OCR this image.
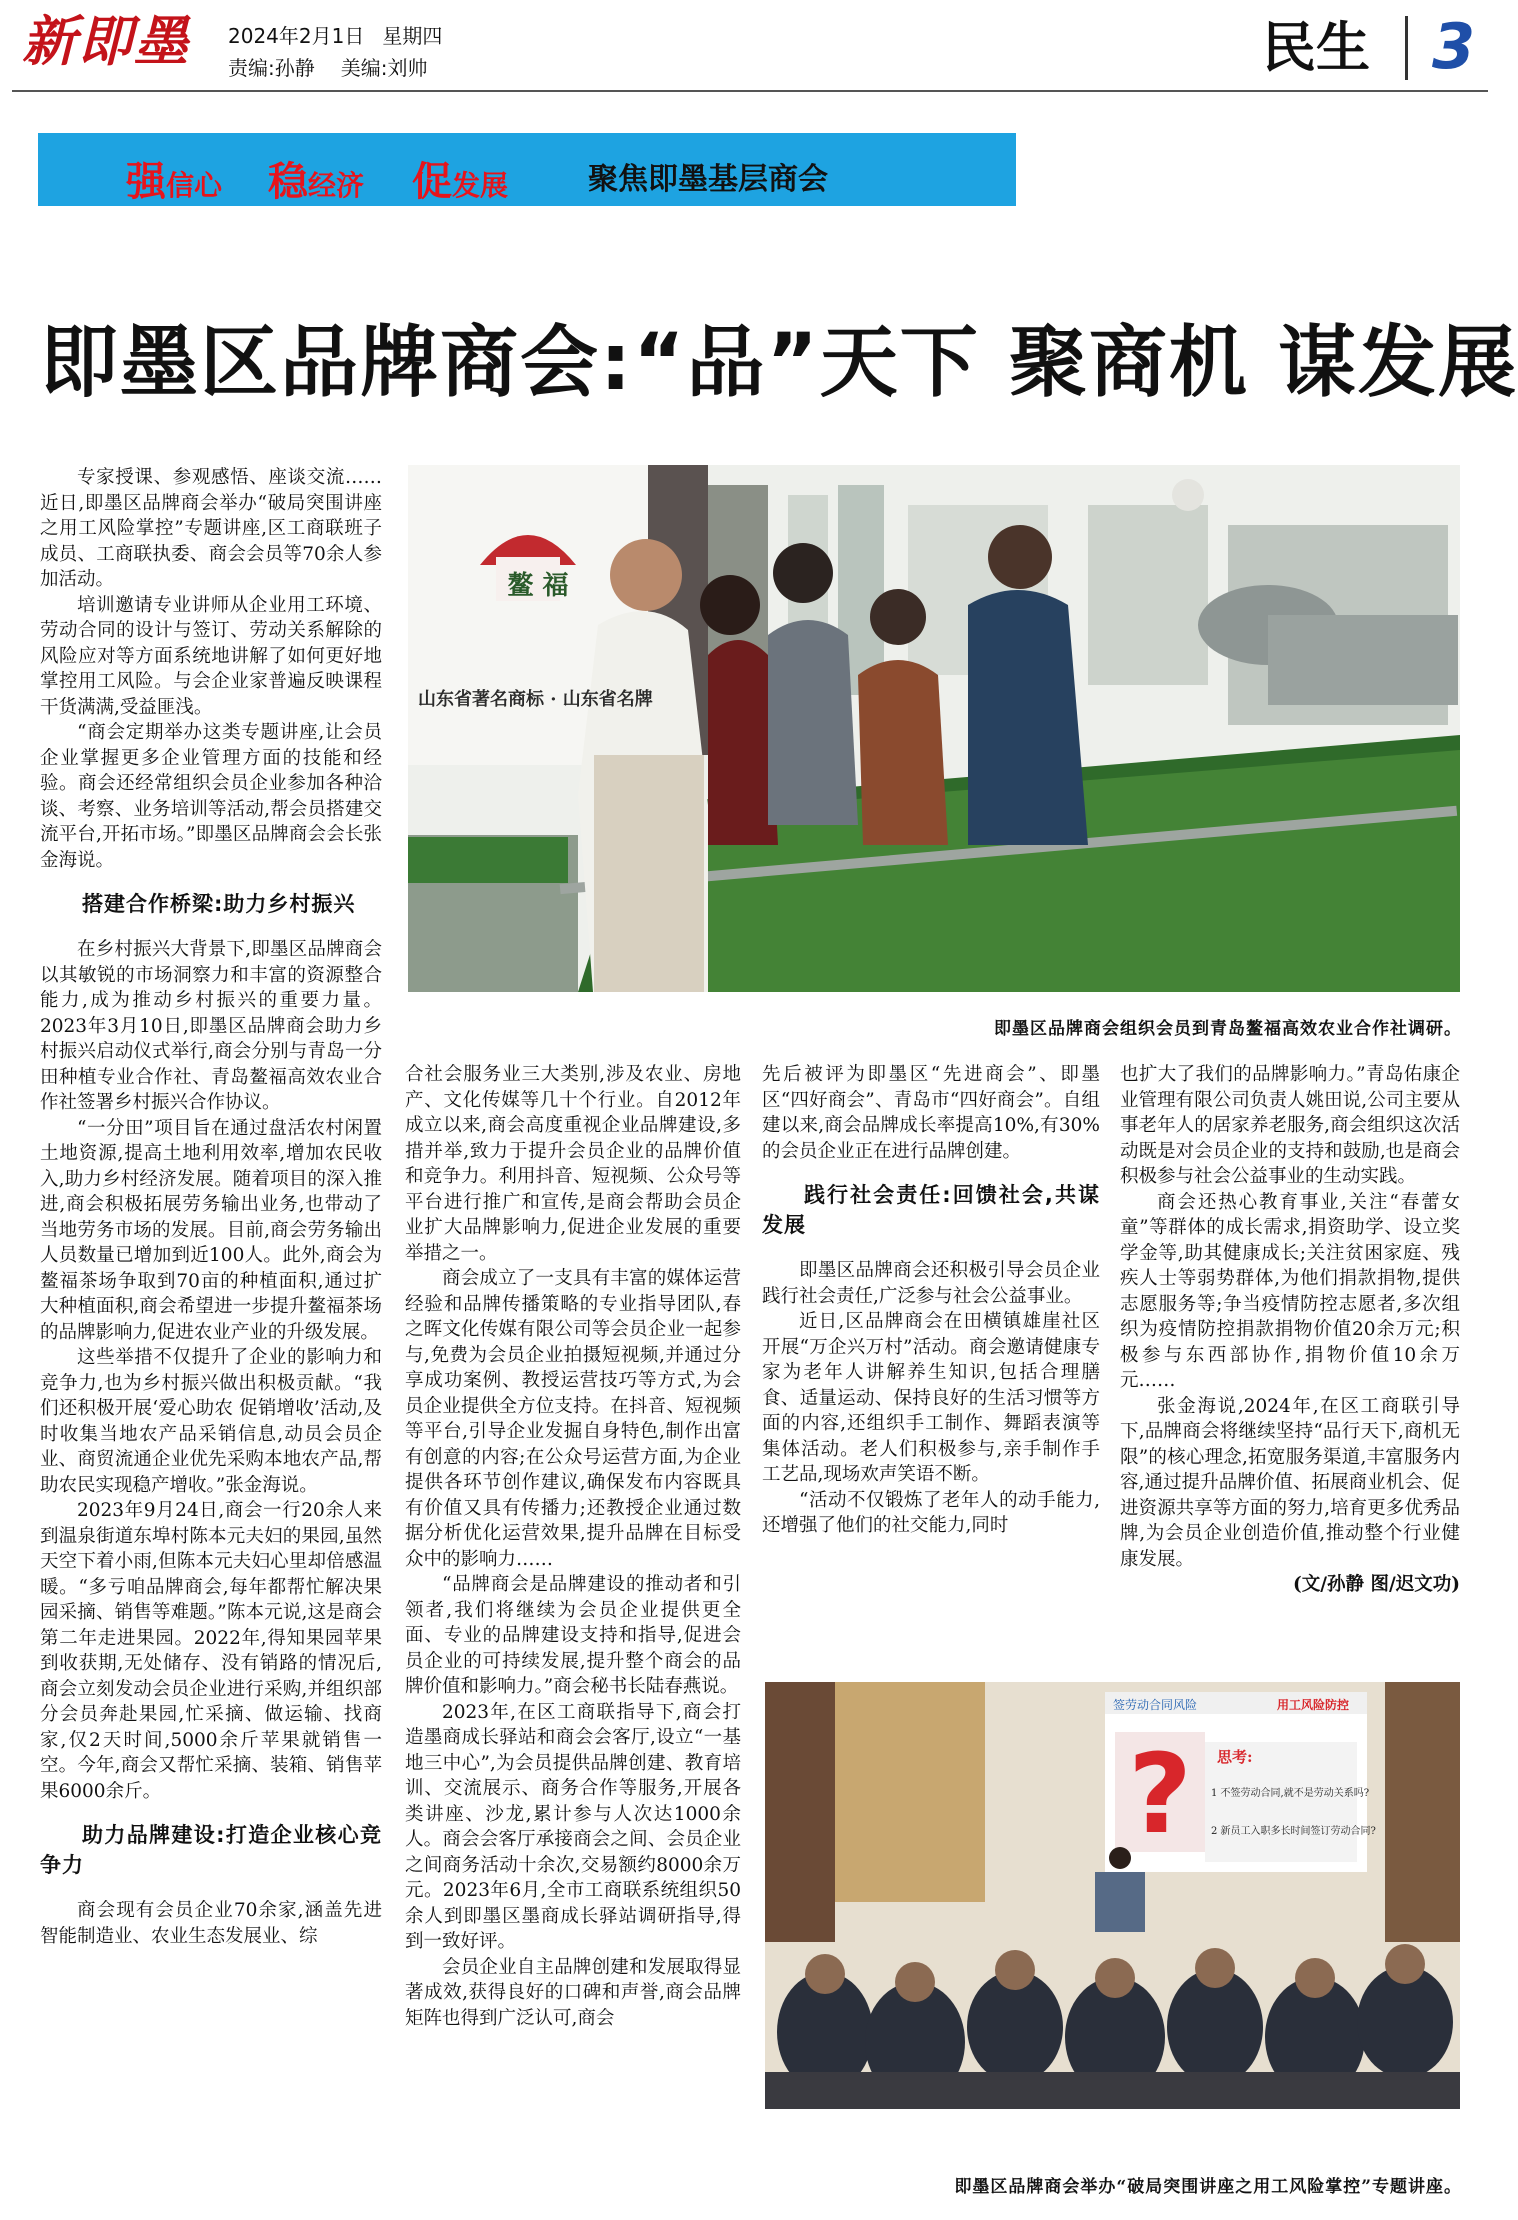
新即墨	2024年2月1日 星期四
责编:孙静 美编:刘帅	民生 3
强信心 稳经济 促发展	聚焦即墨基层商会
即墨区品牌商会:“品”天下 聚商机 谋发展
鳌 福
山东省著名商标 · 山东省名牌
即墨区品牌商会组织会员到青岛鳌福高效农业合作社调研。
?
签劳动合同风险	用工风险防控
思考:
1 不签劳动合同,就不是劳动关系吗?
2 新员工入职多长时间签订劳动合同?
即墨区品牌商会举办“破局突围讲座之用工风险掌控”专题讲座。

专家授课、参观感悟、座谈交流……近日,即墨区品牌商会举办“破局突围讲座之用工风险掌控”专题讲座,区工商联班子成员、工商联执委、商会会员等70余人参加活动。

培训邀请专业讲师从企业用工环境、劳动合同的设计与签订、劳动关系解除的风险应对等方面系统地讲解了如何更好地掌控用工风险。与会企业家普遍反映课程干货满满,受益匪浅。

“商会定期举办这类专题讲座,让会员企业掌握更多企业管理方面的技能和经验。商会还经常组织会员企业参加各种洽谈、考察、业务培训等活动,帮会员搭建交流平台,开拓市场。”即墨区品牌商会会长张金海说。

搭建合作桥梁:助力乡村振兴

在乡村振兴大背景下,即墨区品牌商会以其敏锐的市场洞察力和丰富的资源整合能力,成为推动乡村振兴的重要力量。2023年3月10日,即墨区品牌商会助力乡村振兴启动仪式举行,商会分别与青岛一分田种植专业合作社、青岛鳌福高效农业合作社签署乡村振兴合作协议。

“一分田”项目旨在通过盘活农村闲置土地资源,提高土地利用效率,增加农民收入,助力乡村经济发展。随着项目的深入推进,商会积极拓展劳务输出业务,也带动了当地劳务市场的发展。目前,商会劳务输出人员数量已增加到近100人。此外,商会为鳌福茶场争取到70亩的种植面积,通过扩大种植面积,商会希望进一步提升鳌福茶场的品牌影响力,促进农业产业的升级发展。

这些举措不仅提升了企业的影响力和竞争力,也为乡村振兴做出积极贡献。“我们还积极开展‘爱心助农 促销增收’活动,及时收集当地农产品采销信息,动员会员企业、商贸流通企业优先采购本地农产品,帮助农民实现稳产增收。”张金海说。

2023年9月24日,商会一行20余人来到温泉街道东埠村陈本元夫妇的果园,虽然天空下着小雨,但陈本元夫妇心里却倍感温暖。“多亏咱品牌商会,每年都帮忙解决果园采摘、销售等难题。”陈本元说,这是商会第二年走进果园。2022年,得知果园苹果到收获期,无处储存、没有销路的情况后,商会立刻发动会员企业进行采购,并组织部分会员奔赴果园,忙采摘、做运输、找商家,仅2天时间,5000余斤苹果就销售一空。今年,商会又帮忙采摘、装箱、销售苹果6000余斤。

助力品牌建设:打造企业核心竞争力

商会现有会员企业70余家,涵盖先进智能制造业、农业生态发展业、综

合社会服务业三大类别,涉及农业、房地产、文化传媒等几十个行业。自2012年成立以来,商会高度重视企业品牌建设,多措并举,致力于提升会员企业的品牌价值和竞争力。利用抖音、短视频、公众号等平台进行推广和宣传,是商会帮助会员企业扩大品牌影响力,促进企业发展的重要举措之一。

商会成立了一支具有丰富的媒体运营经验和品牌传播策略的专业指导团队,春之晖文化传媒有限公司等会员企业一起参与,免费为会员企业拍摄短视频,并通过分享成功案例、教授运营技巧等方式,为会员企业提供全方位支持。在抖音、短视频等平台,引导企业发掘自身特色,制作出富有创意的内容;在公众号运营方面,为企业提供各环节创作建议,确保发布内容既具有价值又具有传播力;还教授企业通过数据分析优化运营效果,提升品牌在目标受众中的影响力……

“品牌商会是品牌建设的推动者和引领者,我们将继续为会员企业提供更全面、专业的品牌建设支持和指导,促进会员企业的可持续发展,提升整个商会的品牌价值和影响力。”商会秘书长陆春燕说。

2023年,在区工商联指导下,商会打造墨商成长驿站和商会会客厅,设立“一基地三中心”,为会员提供品牌创建、教育培训、交流展示、商务合作等服务,开展各类讲座、沙龙,累计参与人次达1000余人。商会会客厅承接商会之间、会员企业之间商务活动十余次,交易额约8000余万元。2023年6月,全市工商联系统组织50余人到即墨区墨商成长驿站调研指导,得到一致好评。

会员企业自主品牌创建和发展取得显著成效,获得良好的口碑和声誉,商会品牌矩阵也得到广泛认可,商会

先后被评为即墨区“先进商会”、即墨区“四好商会”、青岛市“四好商会”。自组建以来,商会品牌成长率提高10%,有30%的会员企业正在进行品牌创建。

践行社会责任:回馈社会,共谋发展

即墨区品牌商会还积极引导会员企业践行社会责任,广泛参与社会公益事业。

近日,区品牌商会在田横镇雄崖社区开展“万企兴万村”活动。商会邀请健康专家为老年人讲解养生知识,包括合理膳食、适量运动、保持良好的生活习惯等方面的内容,还组织手工制作、舞蹈表演等集体活动。老人们积极参与,亲手制作手工艺品,现场欢声笑语不断。

“活动不仅锻炼了老年人的动手能力,还增强了他们的社交能力,同时

也扩大了我们的品牌影响力。”青岛佑康企业管理有限公司负责人姚田说,公司主要从事老年人的居家养老服务,商会组织这次活动既是对会员企业的支持和鼓励,也是商会积极参与社会公益事业的生动实践。

商会还热心教育事业,关注“春蕾女童”等群体的成长需求,捐资助学、设立奖学金等,助其健康成长;关注贫困家庭、残疾人士等弱势群体,为他们捐款捐物,提供志愿服务等;争当疫情防控志愿者,多次组织为疫情防控捐款捐物价值20余万元;积极参与东西部协作,捐物价值10余万元……

张金海说,2024年,在区工商联引导下,品牌商会将继续坚持“品行天下,商机无限”的核心理念,拓宽服务渠道,丰富服务内容,通过提升品牌价值、拓展商业机会、促进资源共享等方面的努力,培育更多优秀品牌,为会员企业创造价值,推动整个行业健康发展。

(文/孙静 图/迟文功)
